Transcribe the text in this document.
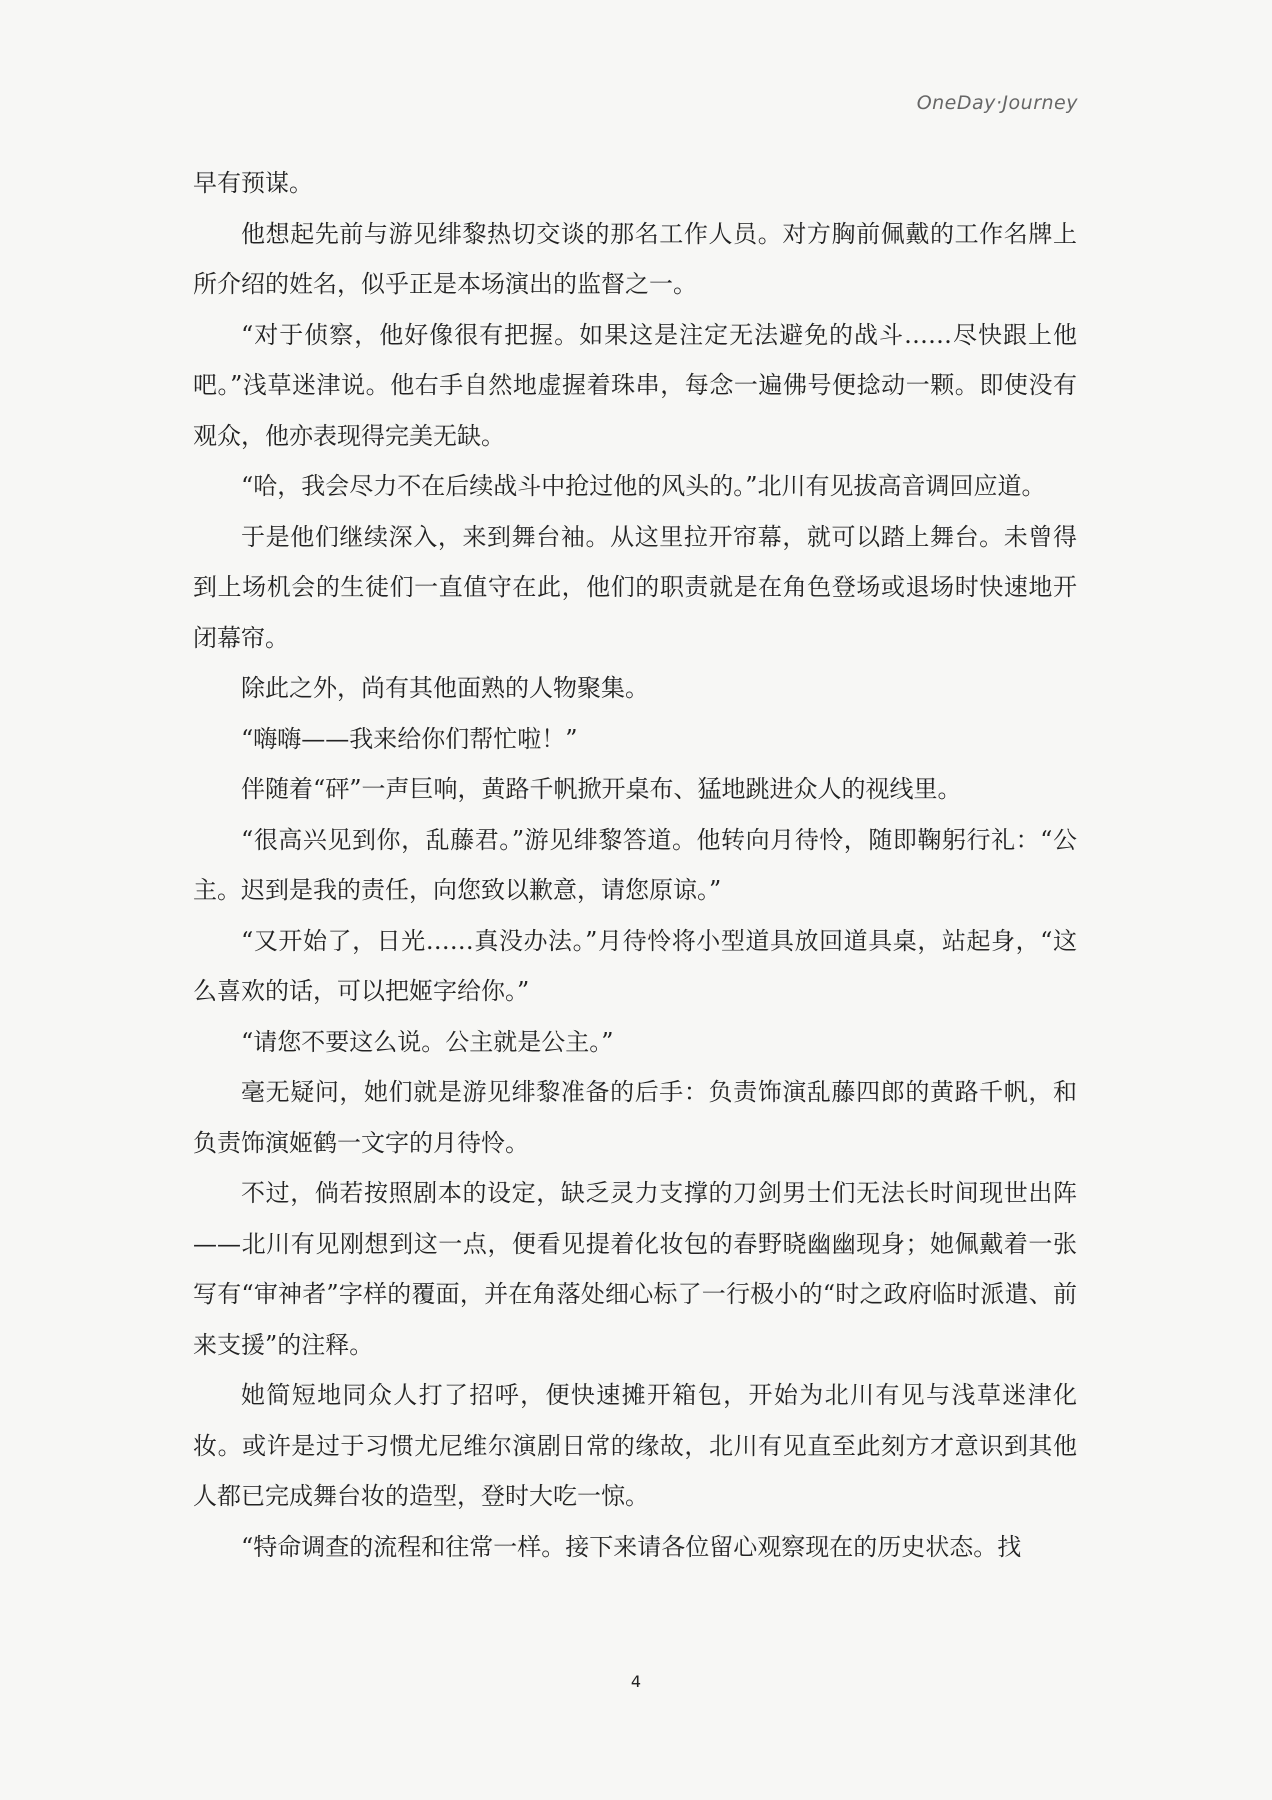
OneDay·Journey

早有预谋。

他想起先前与游见绯黎热切交谈的那名工作人员。对方胸前佩戴的工作名牌上所介绍的姓名，似乎正是本场演出的监督之一。

“对于侦察，他好像很有把握。如果这是注定无法避免的战斗……尽快跟上他吧。”浅草迷津说。他右手自然地虚握着珠串，每念一遍佛号便捻动一颗。即使没有观众，他亦表现得完美无缺。

“哈，我会尽力不在后续战斗中抢过他的风头的。”北川有见拔高音调回应道。

于是他们继续深入，来到舞台袖。从这里拉开帘幕，就可以踏上舞台。未曾得到上场机会的生徒们一直值守在此，他们的职责就是在角色登场或退场时快速地开闭幕帘。

除此之外，尚有其他面熟的人物聚集。

“嗨嗨——我来给你们帮忙啦！”

伴随着“砰”一声巨响，黄路千帆掀开桌布、猛地跳进众人的视线里。

“很高兴见到你，乱藤君。”游见绯黎答道。他转向月待怜，随即鞠躬行礼：“公主。迟到是我的责任，向您致以歉意，请您原谅。”

“又开始了，日光……真没办法。”月待怜将小型道具放回道具桌，站起身，“这么喜欢的话，可以把姬字给你。”

“请您不要这么说。公主就是公主。”

毫无疑问，她们就是游见绯黎准备的后手：负责饰演乱藤四郎的黄路千帆，和负责饰演姬鹤一文字的月待怜。

不过，倘若按照剧本的设定，缺乏灵力支撑的刀剑男士们无法长时间现世出阵——北川有见刚想到这一点，便看见提着化妆包的春野晓幽幽现身；她佩戴着一张写有“审神者”字样的覆面，并在角落处细心标了一行极小的“时之政府临时派遣、前来支援”的注释。

她简短地同众人打了招呼，便快速摊开箱包，开始为北川有见与浅草迷津化妆。或许是过于习惯尤尼维尔演剧日常的缘故，北川有见直至此刻方才意识到其他人都已完成舞台妆的造型，登时大吃一惊。

“特命调查的流程和往常一样。接下来请各位留心观察现在的历史状态。找

4
